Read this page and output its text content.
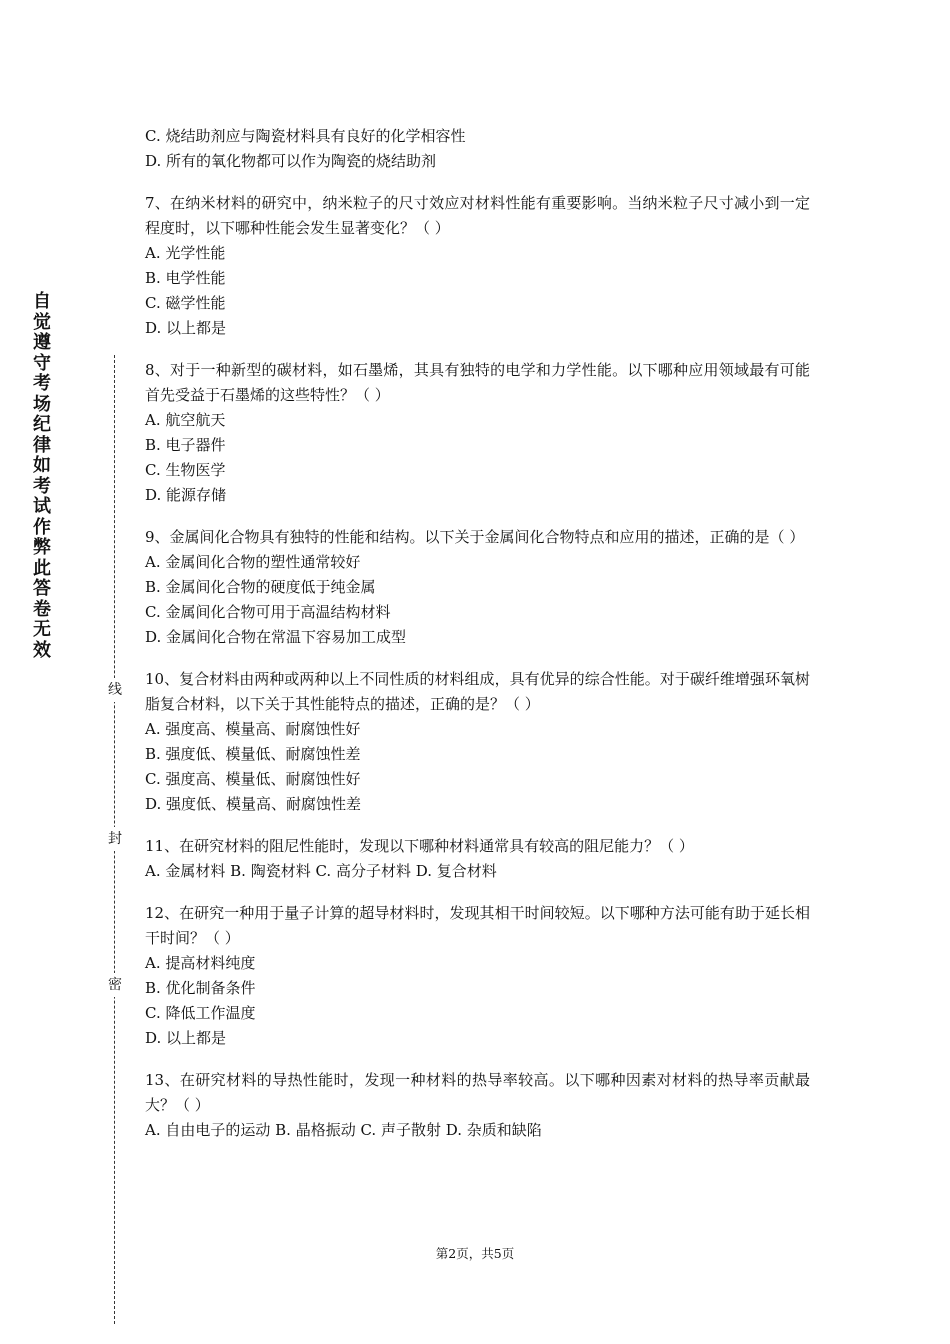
自觉遵守考场纪律如考试作弊此答卷无效
线
封
密
C. 烧结助剂应与陶瓷材料具有良好的化学相容性
D. 所有的氧化物都可以作为陶瓷的烧结助剂
7、在纳米材料的研究中，纳米粒子的尺寸效应对材料性能有重要影响。当纳米粒子尺寸减小到一定程度时，以下哪种性能会发生显著变化？（ ）
A. 光学性能
B. 电学性能
C. 磁学性能
D. 以上都是
8、对于一种新型的碳材料，如石墨烯，其具有独特的电学和力学性能。以下哪种应用领域最有可能首先受益于石墨烯的这些特性？（ ）
A. 航空航天
B. 电子器件
C. 生物医学
D. 能源存储
9、金属间化合物具有独特的性能和结构。以下关于金属间化合物特点和应用的描述，正确的是（ ）
A. 金属间化合物的塑性通常较好
B. 金属间化合物的硬度低于纯金属
C. 金属间化合物可用于高温结构材料
D. 金属间化合物在常温下容易加工成型
10、复合材料由两种或两种以上不同性质的材料组成，具有优异的综合性能。对于碳纤维增强环氧树脂复合材料，以下关于其性能特点的描述，正确的是？（ ）
A. 强度高、模量高、耐腐蚀性好
B. 强度低、模量低、耐腐蚀性差
C. 强度高、模量低、耐腐蚀性好
D. 强度低、模量高、耐腐蚀性差
11、在研究材料的阻尼性能时，发现以下哪种材料通常具有较高的阻尼能力？（ ）
A. 金属材料 B. 陶瓷材料 C. 高分子材料 D. 复合材料
12、在研究一种用于量子计算的超导材料时，发现其相干时间较短。以下哪种方法可能有助于延长相干时间？（ ）
A. 提高材料纯度
B. 优化制备条件
C. 降低工作温度
D. 以上都是
13、在研究材料的导热性能时，发现一种材料的热导率较高。以下哪种因素对材料的热导率贡献最大？（ ）
A. 自由电子的运动 B. 晶格振动 C. 声子散射 D. 杂质和缺陷
第2页，共5页
